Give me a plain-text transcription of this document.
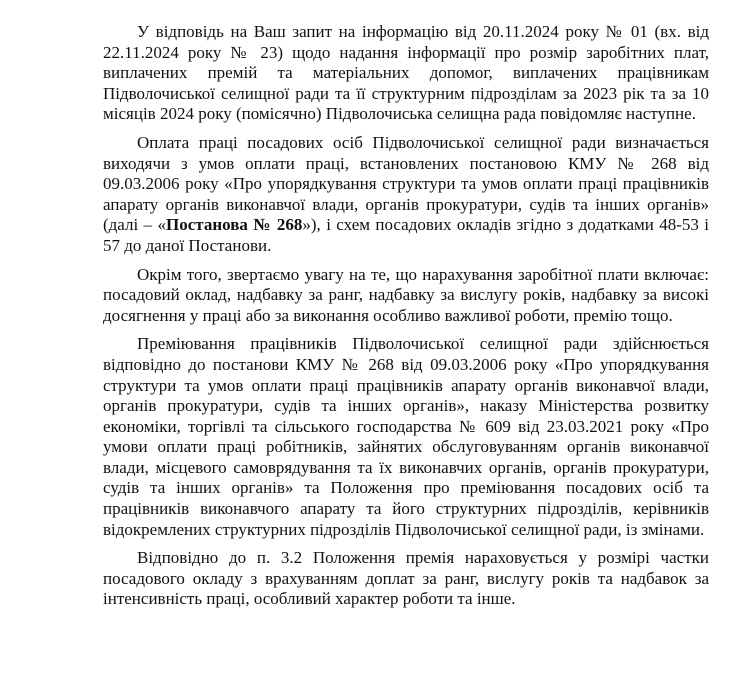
У відповідь на Ваш запит на інформацію від 20.11.2024 року № 01 (вх. від 22.11.2024 року № 23) щодо надання інформації про розмір заробітних плат, виплачених премій та матеріальних допомог, виплачених працівникам Підволочиської селищної ради та її структурним підрозділам за 2023 рік та за 10 місяців 2024 року (помісячно) Підволочиська селищна рада повідомляє наступне.

Оплата праці посадових осіб Підволочиської селищної ради визначається виходячи з умов оплати праці, встановлених постановою КМУ № 268 від 09.03.2006 року «Про упорядкування структури та умов оплати праці працівників апарату органів виконавчої влади, органів прокуратури, судів та інших органів» (далі – «Постанова № 268»), і схем посадових окладів згідно з додатками 48-53 і 57 до даної Постанови.

Окрім того, звертаємо увагу на те, що нарахування заробітної плати включає: посадовий оклад, надбавку за ранг, надбавку за вислугу років, надбавку за високі досягнення у праці або за виконання особливо важливої роботи, премію тощо.

Преміювання працівників Підволочиської селищної ради здійснюється відповідно до постанови КМУ № 268 від 09.03.2006 року «Про упорядкування структури та умов оплати праці працівників апарату органів виконавчої влади, органів прокуратури, судів та інших органів», наказу Міністерства розвитку економіки, торгівлі та сільського господарства № 609 від 23.03.2021 року «Про умови оплати праці робітників, зайнятих обслуговуванням органів виконавчої влади, місцевого самоврядування та їх виконавчих органів, органів прокуратури, судів та інших органів» та Положення про преміювання посадових осіб та працівників виконавчого апарату та його структурних підрозділів, керівників відокремлених структурних підрозділів Підволочиської селищної ради, із змінами.

Відповідно до п. 3.2 Положення премія нараховується у розмірі частки посадового окладу з врахуванням доплат за ранг, вислугу років та надбавок за інтенсивність праці, особливий характер роботи та інше.
